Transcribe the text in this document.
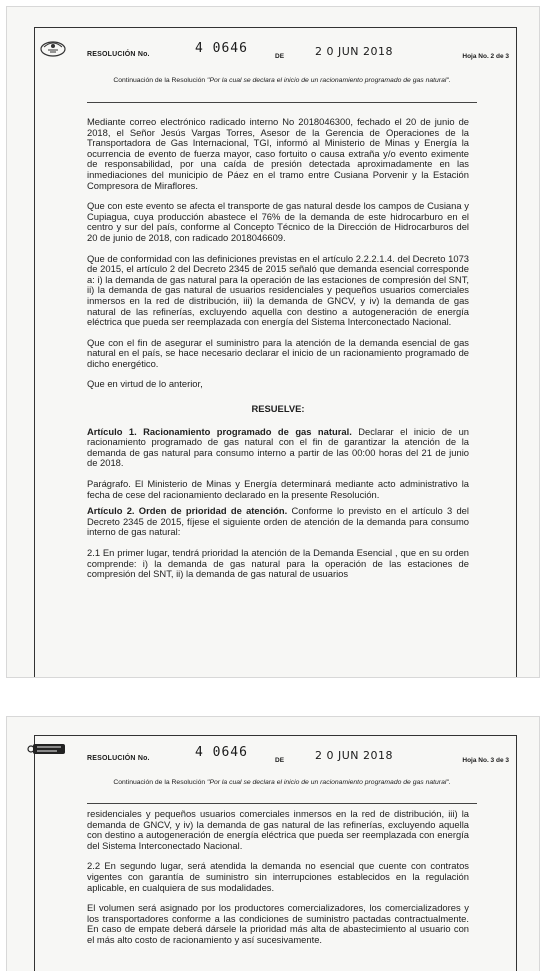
RESOLUCIÓN No.	4 0646
DE	2 0 JUN 2018	Hoja No. 2 de 3
Continuación de la Resolución "Por la cual se declara el inicio de un racionamiento programado de gas natural".

Mediante correo electrónico radicado interno No 2018046300, fechado el 20 de junio de 2018, el Señor Jesús Vargas Torres, Asesor de la Gerencia de Operaciones de la Transportadora de Gas Internacional, TGI, informó al Ministerio de Minas y Energía la ocurrencia de evento de fuerza mayor, caso fortuito o causa extraña y/o evento eximente de responsabilidad, por una caída de presión detectada aproximadamente en las inmediaciones del municipio de Páez en el tramo entre Cusiana Porvenir y la Estación Compresora de Miraflores.

Que con este evento se afecta el transporte de gas natural desde los campos de Cusiana y Cupiagua, cuya producción abastece el 76% de la demanda de este hidrocarburo en el centro y sur del país, conforme al Concepto Técnico de la Dirección de Hidrocarburos del 20 de junio de 2018, con radicado 2018046609.

Que de conformidad con las definiciones previstas en el artículo 2.2.2.1.4. del Decreto 1073 de 2015, el artículo 2 del Decreto 2345 de 2015 señaló que demanda esencial corresponde a: i) la demanda de gas natural para la operación de las estaciones de compresión del SNT, ii) la demanda de gas natural de usuarios residenciales y pequeños usuarios comerciales inmersos en la red de distribución, iii) la demanda de GNCV, y iv) la demanda de gas natural de las refinerías, excluyendo aquella con destino a autogeneración de energía eléctrica que pueda ser reemplazada con energía del Sistema Interconectado Nacional.

Que con el fin de asegurar el suministro para la atención de la demanda esencial de gas natural en el país, se hace necesario declarar el inicio de un racionamiento programado de dicho energético.

Que en virtud de lo anterior,

RESUELVE:

Artículo 1. Racionamiento programado de gas natural. Declarar el inicio de un racionamiento programado de gas natural con el fin de garantizar la atención de la demanda de gas natural para consumo interno a partir de las 00:00 horas del 21 de junio de 2018.

Parágrafo. El Ministerio de Minas y Energía determinará mediante acto administrativo la fecha de cese del racionamiento declarado en la presente Resolución.

Artículo 2. Orden de prioridad de atención. Conforme lo previsto en el artículo 3 del Decreto 2345 de 2015, fíjese el siguiente orden de atención de la demanda para consumo interno de gas natural:

2.1 En primer lugar, tendrá prioridad la atención de la Demanda Esencial , que en su orden comprende: i) la demanda de gas natural para la operación de las estaciones de compresión del SNT, ii) la demanda de gas natural de usuarios

RESOLUCIÓN No.	4 0646
DE	2 0 JUN 2018	Hoja No. 3 de 3
Continuación de la Resolución "Por la cual se declara el inicio de un racionamiento programado de gas natural".

residenciales y pequeños usuarios comerciales inmersos en la red de distribución, iii) la demanda de GNCV, y iv) la demanda de gas natural de las refinerías, excluyendo aquella con destino a autogeneración de energía eléctrica que pueda ser reemplazada con energía del Sistema Interconectado Nacional.

2.2 En segundo lugar, será atendida la demanda no esencial que cuente con contratos vigentes con garantía de suministro sin interrupciones establecidos en la regulación aplicable, en cualquiera de sus modalidades.

El volumen será asignado por los productores comercializadores, los comercializadores y los transportadores conforme a las condiciones de suministro pactadas contractualmente. En caso de empate deberá dársele la prioridad más alta de abastecimiento al usuario con el más alto costo de racionamiento y así sucesivamente.
